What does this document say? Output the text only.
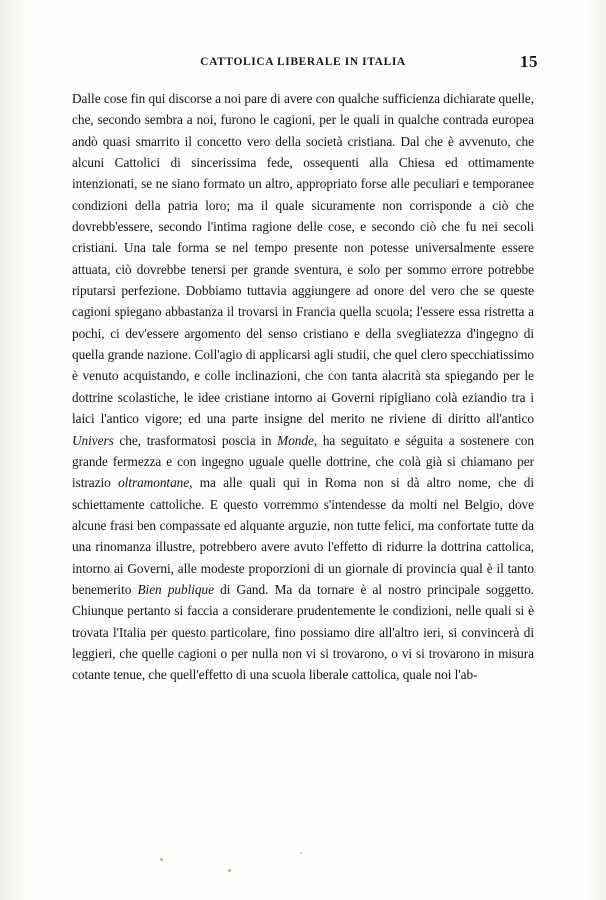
CATTOLICA LIBERALE IN ITALIA	15
Dalle cose fin qui discorse a noi pare di avere con qualche sufficienza dichiarate quelle, che, secondo sembra a noi, furono le cagioni, per le quali in qualche contrada europea andò quasi smarrito il concetto vero della società cristiana. Dal che è avvenuto, che alcuni Cattolici di sincerissima fede, ossequenti alla Chiesa ed ottimamente intenzionati, se ne siano formato un altro, appropriato forse alle peculiari e temporanee condizioni della patria loro; ma il quale sicuramente non corrisponde a ciò che dovrebb'essere, secondo l'intima ragione delle cose, e secondo ciò che fu nei secoli cristiani. Una tale forma se nel tempo presente non potesse universalmente essere attuata, ciò dovrebbe tenersi per grande sventura, e solo per sommo errore potrebbe riputarsi perfezione. Dobbiamo tuttavia aggiungere ad onore del vero che se queste cagioni spiegano abbastanza il trovarsi in Francia quella scuola; l'essere essa ristretta a pochi, ci dev'essere argomento del senso cristiano e della svegliatezza d'ingegno di quella grande nazione. Coll'agio di applicarsi agli studii, che quel clero specchiatissimo è venuto acquistando, e colle inclinazioni, che con tanta alacrità sta spiegando per le dottrine scolastiche, le idee cristiane intorno ai Governi ripigliano colà eziandio tra i laici l'antico vigore; ed una parte insigne del merito ne riviene di diritto all'antico Univers che, trasformatosi poscia in Monde, ha seguitato e séguita a sostenere con grande fermezza e con ingegno uguale quelle dottrine, che colà già si chiamano per istrazio oltramontane, ma alle quali qui in Roma non si dà altro nome, che di schiettamente cattoliche. E questo vorremmo s'intendesse da molti nel Belgio, dove alcune frasi ben compassate ed alquante arguzie, non tutte felici, ma confortate tutte da una rinomanza illustre, potrebbero avere avuto l'effetto di ridurre la dottrina cattolica, intorno ai Governi, alle modeste proporzioni di un giornale di provincia qual è il tanto benemerito Bien publique di Gand. Ma da tornare è al nostro principale soggetto. Chiunque pertanto si faccia a considerare prudentemente le condizioni, nelle quali si è trovata l'Italia per questo particolare, fino possiamo dire all'altro ieri, si convincerà di leggieri, che quelle cagioni o per nulla non vi si trovarono, o vi si trovarono in misura cotante tenue, che quell'effetto di una scuola liberale cattolica, quale noi l'ab-
